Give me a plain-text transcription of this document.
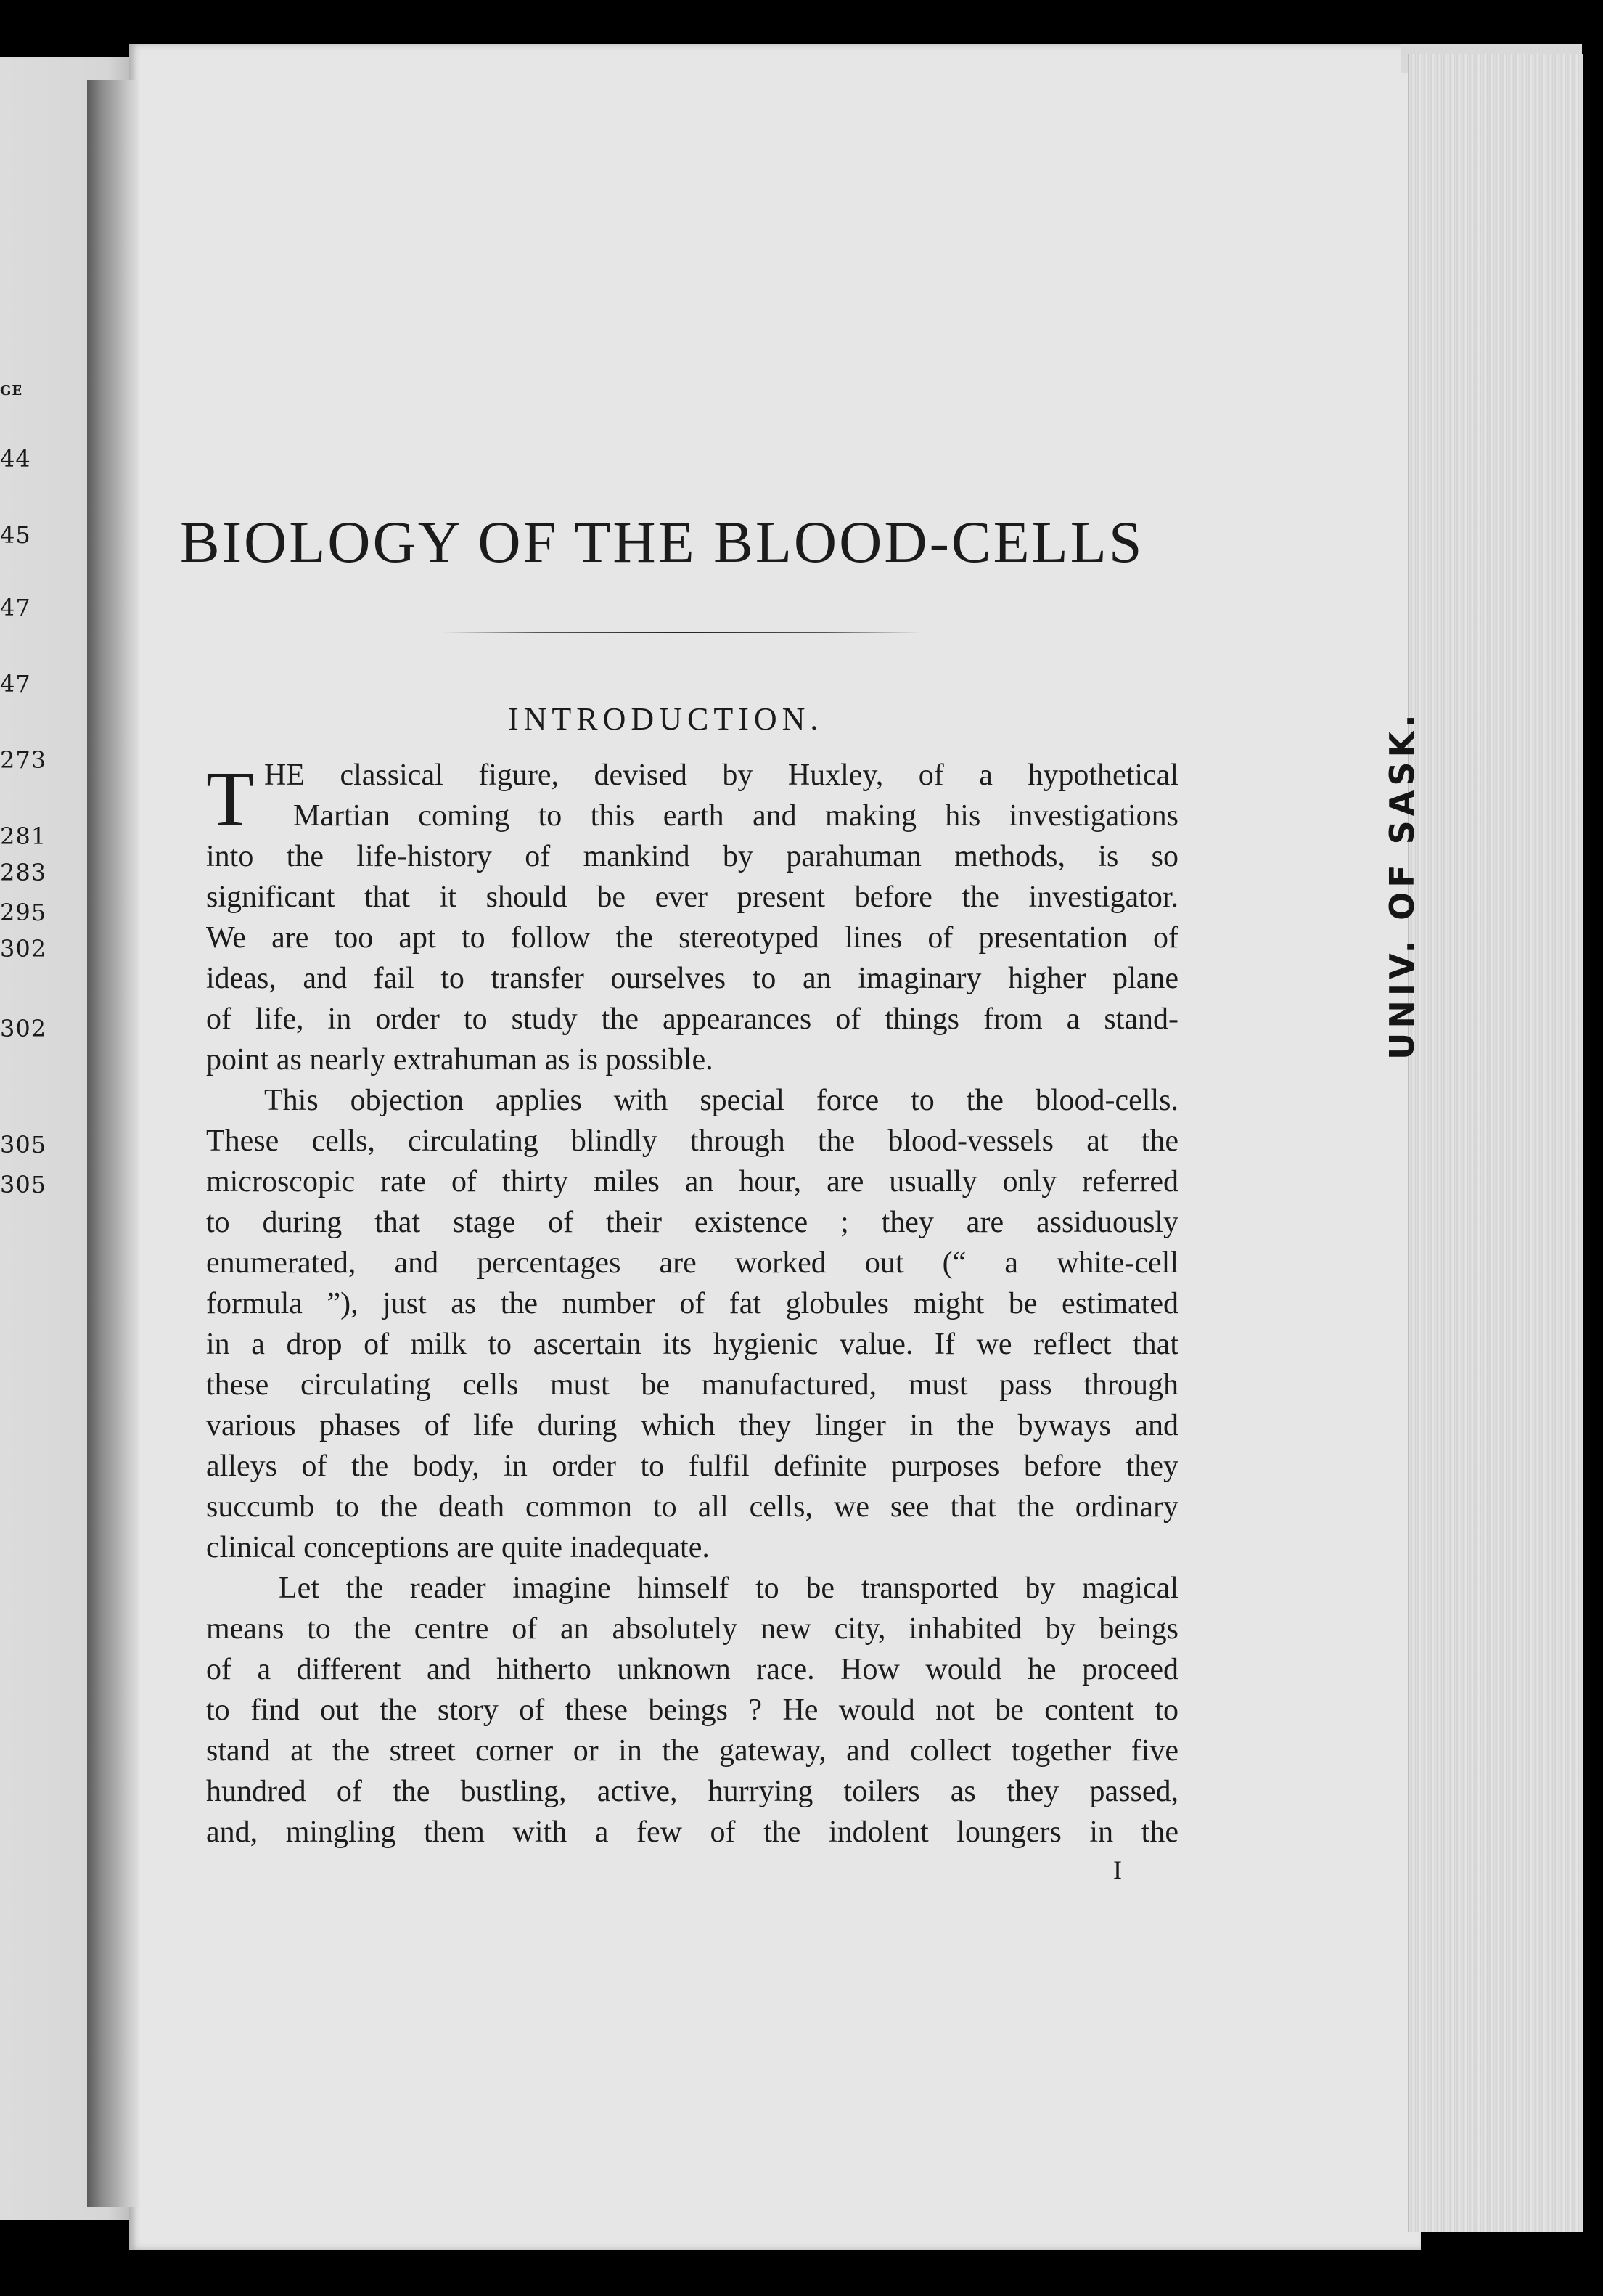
GE
44
45
47
47
273
281
283
295
302
302
305
305
UNIV. OF SASK.
BIOLOGY OF THE BLOOD-CELLS
INTRODUCTION.
T HE classical figure, devised by Huxley, of a hypothetical
Martian coming to this earth and making his investigations
into the life-history of mankind by parahuman methods, is so
significant that it should be ever present before the investigator.
We are too apt to follow the stereotyped lines of presentation of
ideas, and fail to transfer ourselves to an imaginary higher plane
of life, in order to study the appearances of things from a stand-
point as nearly extrahuman as is possible.
This objection applies with special force to the blood-cells.
These cells, circulating blindly through the blood-vessels at the
microscopic rate of thirty miles an hour, are usually only referred
to during that stage of their existence ; they are assiduously
enumerated, and percentages are worked out (“ a white-cell
formula ”), just as the number of fat globules might be estimated
in a drop of milk to ascertain its hygienic value. If we reflect that
these circulating cells must be manufactured, must pass through
various phases of life during which they linger in the byways and
alleys of the body, in order to fulfil definite purposes before they
succumb to the death common to all cells, we see that the ordinary
clinical conceptions are quite inadequate.
Let the reader imagine himself to be transported by magical
means to the centre of an absolutely new city, inhabited by beings
of a different and hitherto unknown race. How would he proceed
to find out the story of these beings ? He would not be content to
stand at the street corner or in the gateway, and collect together five
hundred of the bustling, active, hurrying toilers as they passed,
and, mingling them with a few of the indolent loungers in the
I
